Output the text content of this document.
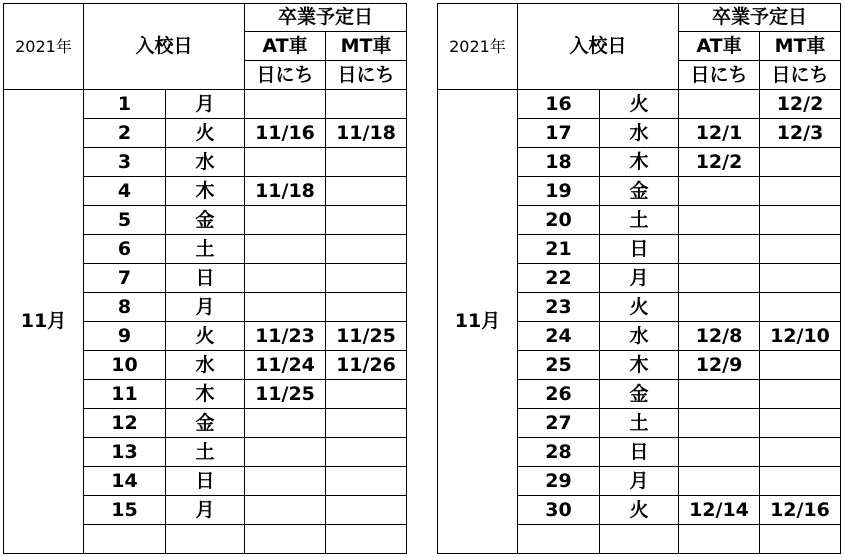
2021年	入校日		卒業予定日	
			AT車	MT車
			日にち	日にち
11月	1	月		
	2	火	11/16	11/18
	3	水		
	4	木	11/18	
	5	金		
	6	土		
	7	日		
	8	月		
	9	火	11/23	11/25
	10	水	11/24	11/26
	11	木	11/25	
	12	金		
	13	土		
	14	日		
	15	月		

2021年	入校日		卒業予定日	
			AT車	MT車
			日にち	日にち
11月	16	火		12/2
	17	水	12/1	12/3
	18	木	12/2	
	19	金		
	20	土		
	21	日		
	22	月		
	23	火		
	24	水	12/8	12/10
	25	木	12/9	
	26	金		
	27	土		
	28	日		
	29	月		
	30	火	12/14	12/16
